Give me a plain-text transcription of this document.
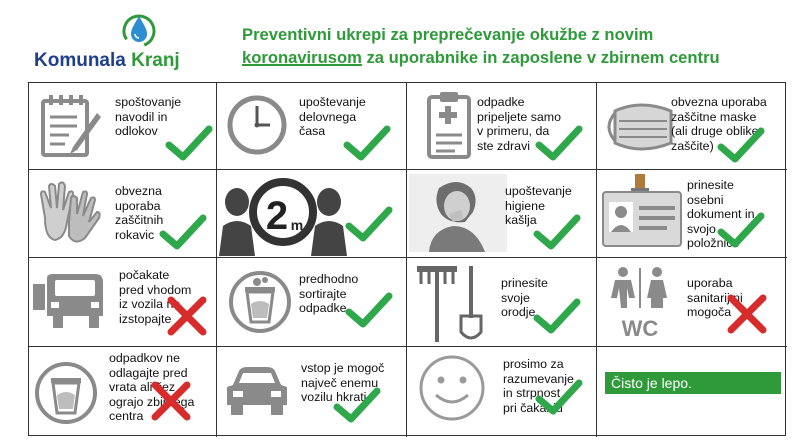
Komunala Kranj
Preventivni ukrepi za preprečevanje okužbe z novim
koronavirusom za uporabnike in zaposlene v zbirnem centru
spoštovanje
navodil in
odlokov
upoštevanje
delovnega
časa
odpadke
pripeljete samo
v primeru, da
ste zdravi
obvezna uporaba
zaščitne maske
(ali druge oblike
zaščite)
obvezna
uporaba
zaščitnih
rokavic	2 m
upoštevanje
higiene
kašlja
prinesite
osebni
dokument in
svojo
položnico
počakate
pred vhodom
iz vozila ne
izstopajte
predhodno
sortirajte
odpadke
prinesite
svoje
orodje
WC
uporaba
sanitarij ni
mogoča
odpadkov ne
odlagajte pred
vrata ali čez
ograjo zbirnega
centra
vstop je mogoč
največ enemu
vozilu hkrati
prosimo za
razumevanje
in strpnost
pri čakanju
Čisto je lepo.
